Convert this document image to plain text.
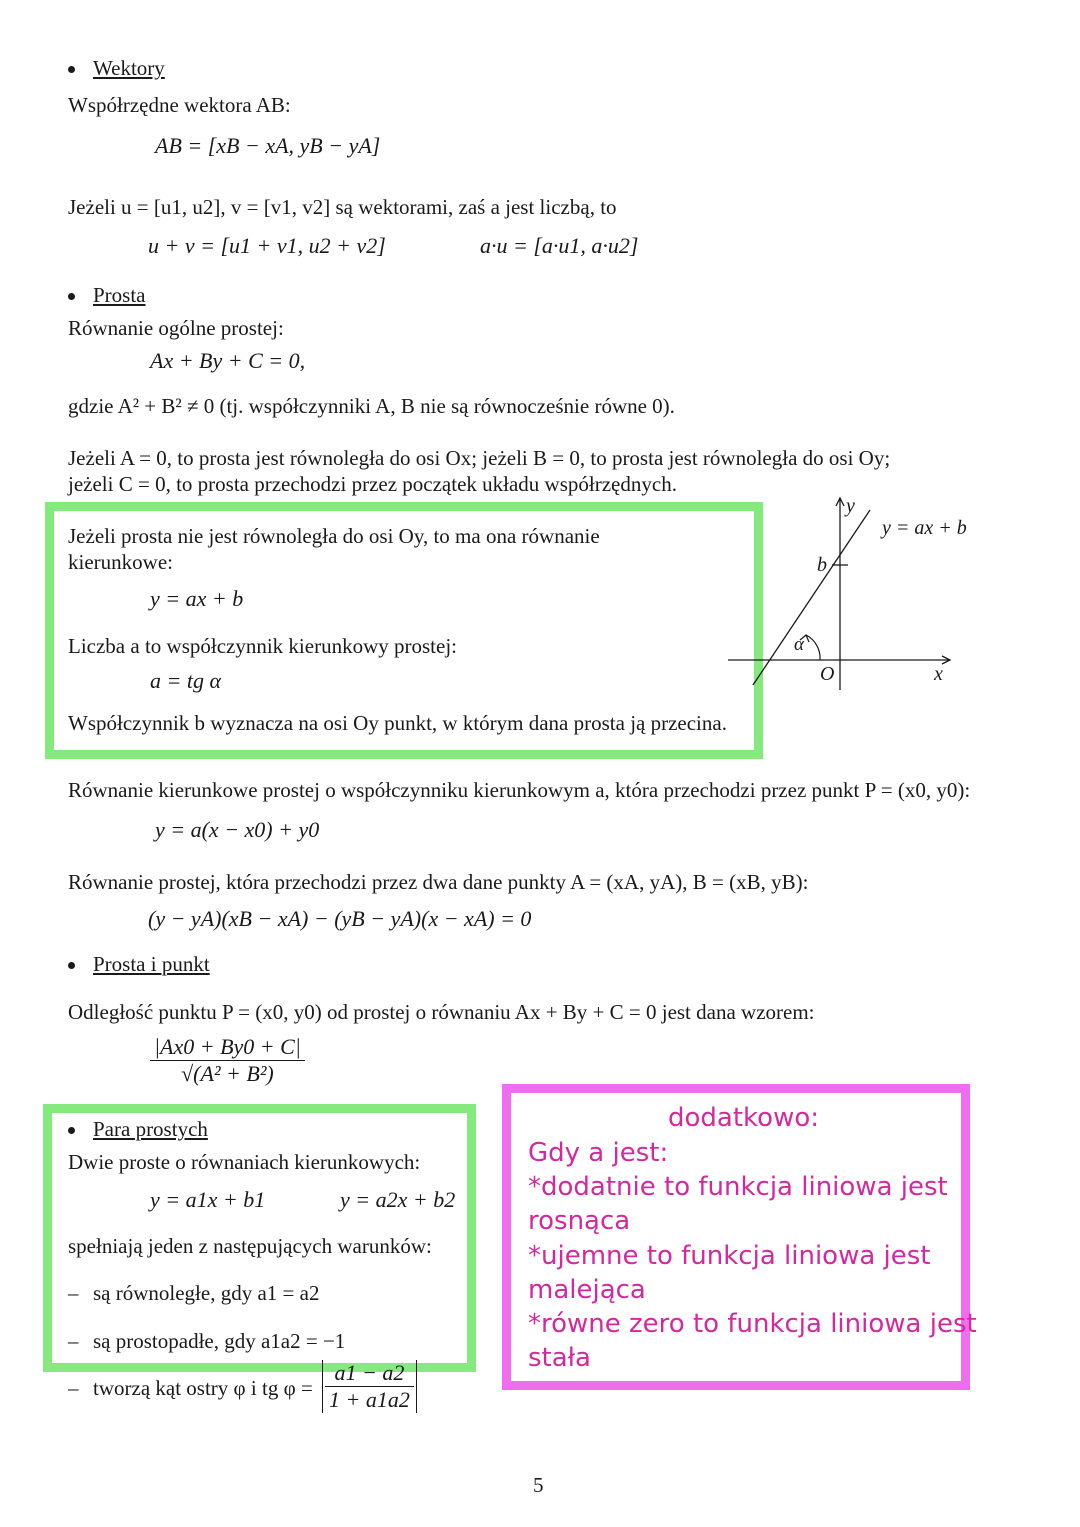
Wektory
Współrzędne wektora AB:
AB = [xB − xA, yB − yA]
Jeżeli u = [u1, u2], v = [v1, v2] są wektorami, zaś a jest liczbą, to
u + v = [u1 + v1, u2 + v2]	a·u = [a·u1, a·u2]
Prosta
Równanie ogólne prostej:
Ax + By + C = 0,
gdzie A² + B² ≠ 0 (tj. współczynniki A, B nie są równocześnie równe 0).
Jeżeli A = 0, to prosta jest równoległa do osi Ox; jeżeli B = 0, to prosta jest równoległa do osi Oy;
jeżeli C = 0, to prosta przechodzi przez początek układu współrzędnych.
Jeżeli prosta nie jest równoległa do osi Oy, to ma ona równanie
kierunkowe:
y = ax + b
Liczba a to współczynnik kierunkowy prostej:
a = tg α
Współczynnik b wyznacza na osi Oy punkt, w którym dana prosta ją przecina.
y
x
O
b
α
y = ax + b
Równanie kierunkowe prostej o współczynniku kierunkowym a, która przechodzi przez punkt P = (x0, y0):
y = a(x − x0) + y0
Równanie prostej, która przechodzi przez dwa dane punkty A = (xA, yA), B = (xB, yB):
(y − yA)(xB − xA) − (yB − yA)(x − xA) = 0
Prosta i punkt
Odległość punktu P = (x0, y0) od prostej o równaniu Ax + By + C = 0 jest dana wzorem:
$\frac{|Ax0 + By0 + C|}{\text{√(A² + B²)}}$
Para prostych
Dwie proste o równaniach kierunkowych:
y = a1x + b1	y = a2x + b2
spełniają jeden z następujących warunków:
– są równoległe, gdy a1 = a2
– są prostopadłe, gdy a1a2 = −1
– tworzą kąt ostry φ i tg $\varphi = \frac{a1 - a2}{1 + a1a2}$
dodatkowo:
Gdy a jest:
*dodatnie to funkcja liniowa jest
rosnąca
*ujemne to funkcja liniowa jest
malejąca
*równe zero to funkcja liniowa jest
stała
5
